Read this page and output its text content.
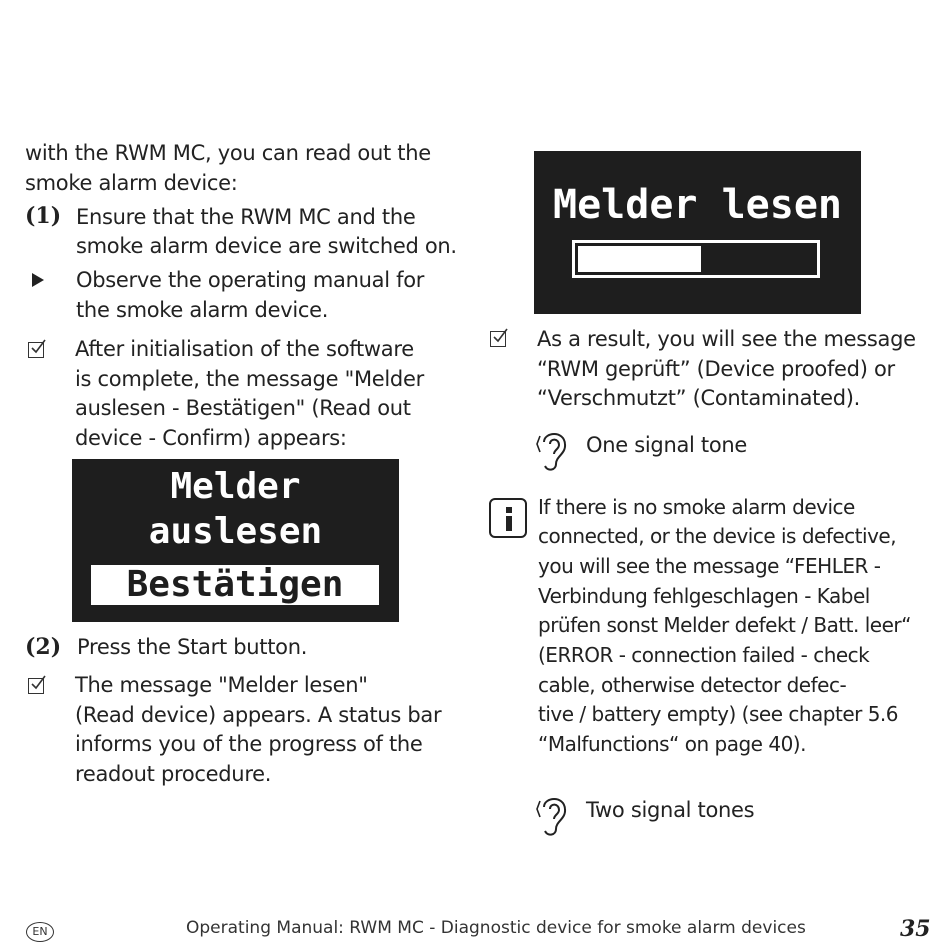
with the RWM MC, you can read out the
smoke alarm device:
(1) Ensure that the RWM MC and the
smoke alarm device are switched on.
Observe the operating manual for
the smoke alarm device.
After initialisation of the software
is complete, the message "Melder
auslesen - Bestätigen" (Read out
device - Confirm) appears:
Melder
auslesen
Bestätigen
(2) Press the Start button.
The message "Melder lesen"
(Read device) appears. A status bar
informs you of the progress of the
readout procedure.
Melder lesen
As a result, you will see the message
“RWM geprüft” (Device proofed) or
“Verschmutzt” (Contaminated).
One signal tone
If there is no smoke alarm device
connected, or the device is defective,
you will see the message “FEHLER -
Verbindung fehlgeschlagen - Kabel
prüfen sonst Melder defekt / Batt. leer“
(ERROR - connection failed - check
cable, otherwise detector defec-
tive / battery empty) (see chapter 5.6
“Malfunctions“ on page 40).
Two signal tones
EN	Operating Manual: RWM MC - Diagnostic device for smoke alarm devices	35
